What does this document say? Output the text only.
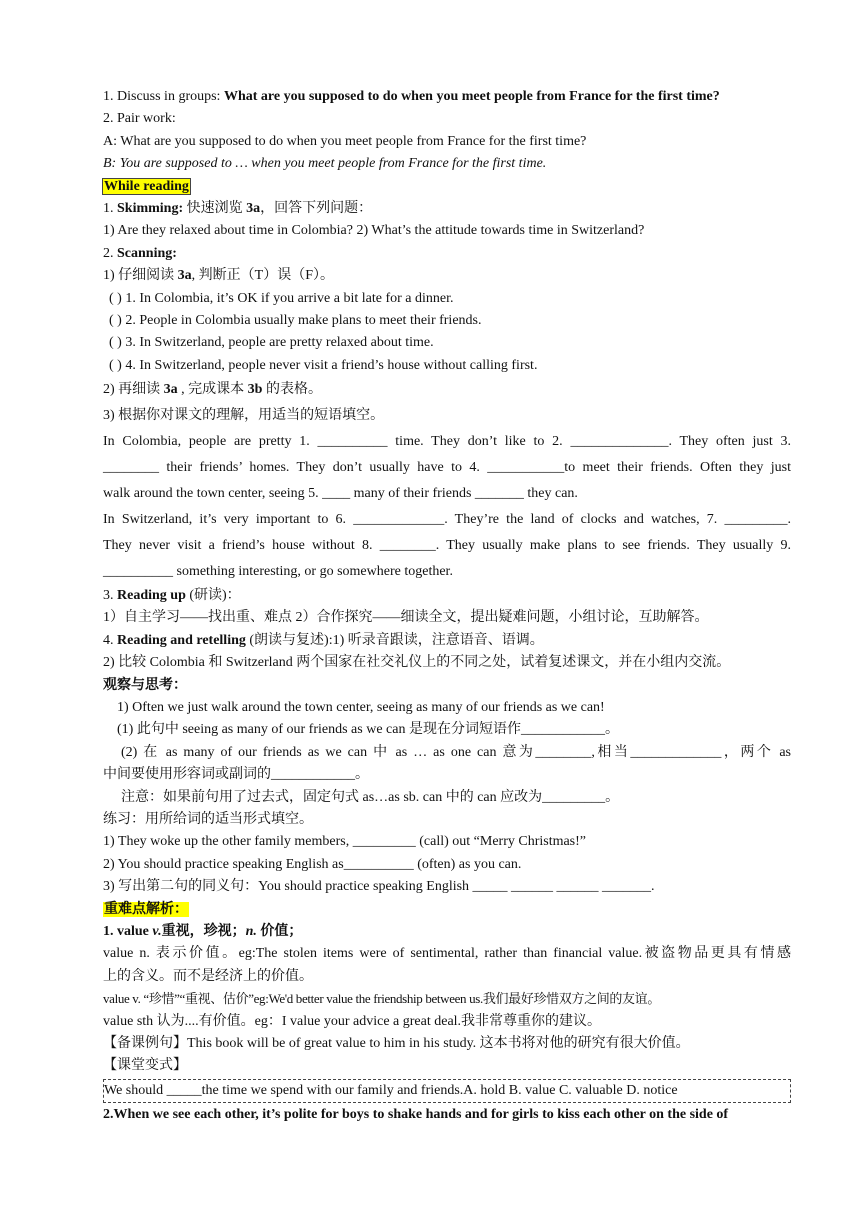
1. Discuss in groups: What are you supposed to do when you meet people from France for the first time?
2. Pair work:
A: What are you supposed to do when you meet people from France for the first time?
B: You are supposed to … when you meet people from France for the first time.
While reading
1. Skimming: 快速浏览 3a，回答下列问题：
1) Are they relaxed about time in Colombia? 2) What’s the attitude towards time in Switzerland?
2. Scanning:
1) 仔细阅读 3a, 判断正（T）误（F）。
( ) 1. In Colombia, it’s OK if you arrive a bit late for a dinner.
( ) 2. People in Colombia usually make plans to meet their friends.
( ) 3. In Switzerland, people are pretty relaxed about time.
( ) 4. In Switzerland, people never visit a friend’s house without calling first.
2) 再细读 3a , 完成课本 3b 的表格。
3) 根据你对课文的理解，用适当的短语填空。
In Colombia, people are pretty 1. __________ time. They don’t like to 2. ______________. They often just 3.
________ their friends’ homes. They don’t usually have to 4. ___________to meet their friends. Often they just
walk around the town center, seeing 5. ____ many of their friends _______ they can.
In Switzerland, it’s very important to 6. _____________. They’re the land of clocks and watches, 7. _________.
They never visit a friend’s house without 8. ________. They usually make plans to see friends. They usually 9.
__________ something interesting, or go somewhere together.
3. Reading up (研读)：
1）自主学习——找出重、难点 2）合作探究——细读全文，提出疑难问题，小组讨论，互助解答。
4. Reading and retelling (朗读与复述):1) 听录音跟读，注意语音、语调。
2) 比较 Colombia 和 Switzerland 两个国家在社交礼仪上的不同之处，试着复述课文，并在小组内交流。
观察与思考：
1) Often we just walk around the town center, seeing as many of our friends as we can!
(1) 此句中 seeing as many of our friends as we can 是现在分词短语作____________。
(2) 在 as many of our friends as we can 中 as … as one can 意为________,相当_____________，两个 as
中间要使用形容词或副词的____________。
注意：如果前句用了过去式，固定句式 as…as sb. can 中的 can 应改为_________。
练习：用所给词的适当形式填空。
1) They woke up the other family members, _________ (call) out “Merry Christmas!”
2) You should practice speaking English as__________ (often) as you can.
3) 写出第二句的同义句：You should practice speaking English _____ ______ ______ _______.
重难点解析：
1. value v.重视，珍视；n. 价值；
value n. 表示价值。eg:The stolen items were of sentimental, rather than financial value.被盗物品更具有情感
上的含义。而不是经济上的价值。
value v. “珍惜”“重视、估价”eg:We'd better value the friendship between us.我们最好珍惜双方之间的友谊。
value sth 认为....有价值。eg：I value your advice a great deal.我非常尊重你的建议。
【备课例句】This book will be of great value to him in his study. 这本书将对他的研究有很大价值。
【课堂变式】
We should _____the time we spend with our family and friends.A. hold B. value C. valuable D. notice
2.When we see each other, it’s polite for boys to shake hands and for girls to kiss each other on the side of
